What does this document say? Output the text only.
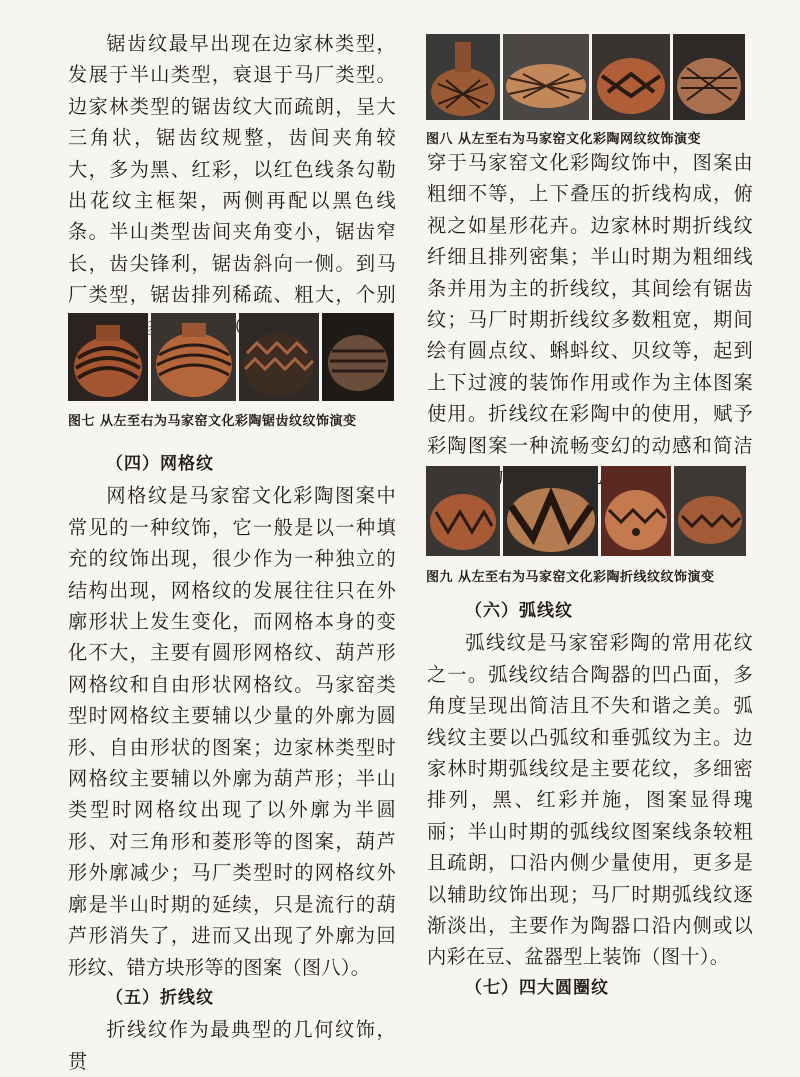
锯齿纹最早出现在边家林类型，发展于半山类型，衰退于马厂类型。边家林类型的锯齿纹大而疏朗，呈大三角状，锯齿纹规整，齿间夹角较大，多为黑、红彩，以红色线条勾勒出花纹主框架，两侧再配以黑色线条。半山类型齿间夹角变小，锯齿窄长，齿尖锋利，锯齿斜向一侧。到马厂类型，锯齿排列稀疏、粗大，个别

图七 从左至右为马家窑文化彩陶锯齿纹纹饰演变

（四）网格纹

网格纹是马家窑文化彩陶图案中常见的一种纹饰，它一般是以一种填充的纹饰出现，很少作为一种独立的结构出现，网格纹的发展往往只在外廓形状上发生变化，而网格本身的变化不大，主要有圆形网格纹、葫芦形网格纹和自由形状网格纹。马家窑类型时网格纹主要辅以少量的外廓为圆形、自由形状的图案；边家林类型时网格纹主要辅以外廓为葫芦形；半山类型时网格纹出现了以外廓为半圆形、对三角形和菱形等的图案，葫芦形外廓减少；马厂类型时的网格纹外廓是半山时期的延续，只是流行的葫芦形消失了，进而又出现了外廓为回形纹、错方块形等的图案（图八）。

（五）折线纹

折线纹作为最典型的几何纹饰，贯

图八 从左至右为马家窑文化彩陶网纹纹饰演变

穿于马家窑文化彩陶纹饰中，图案由粗细不等，上下叠压的折线构成，俯视之如星形花卉。边家林时期折线纹纤细且排列密集；半山时期为粗细线条并用为主的折线纹，其间绘有锯齿纹；马厂时期折线纹多数粗宽，期间绘有圆点纹、蝌蚪纹、贝纹等，起到上下过渡的装饰作用或作为主体图案使用。折线纹在彩陶中的使用，赋予彩陶图案一种流畅变幻的动感和简洁

图九 从左至右为马家窑文化彩陶折线纹纹饰演变

（六）弧线纹

弧线纹是马家窑彩陶的常用花纹之一。弧线纹结合陶器的凹凸面，多角度呈现出简洁且不失和谐之美。弧线纹主要以凸弧纹和垂弧纹为主。边家林时期弧线纹是主要花纹，多细密排列，黑、红彩并施，图案显得瑰丽；半山时期的弧线纹图案线条较粗且疏朗，口沿内侧少量使用，更多是以辅助纹饰出现；马厂时期弧线纹逐渐淡出，主要作为陶器口沿内侧或以内彩在豆、盆器型上装饰（图十）。

（七）四大圆圈纹
